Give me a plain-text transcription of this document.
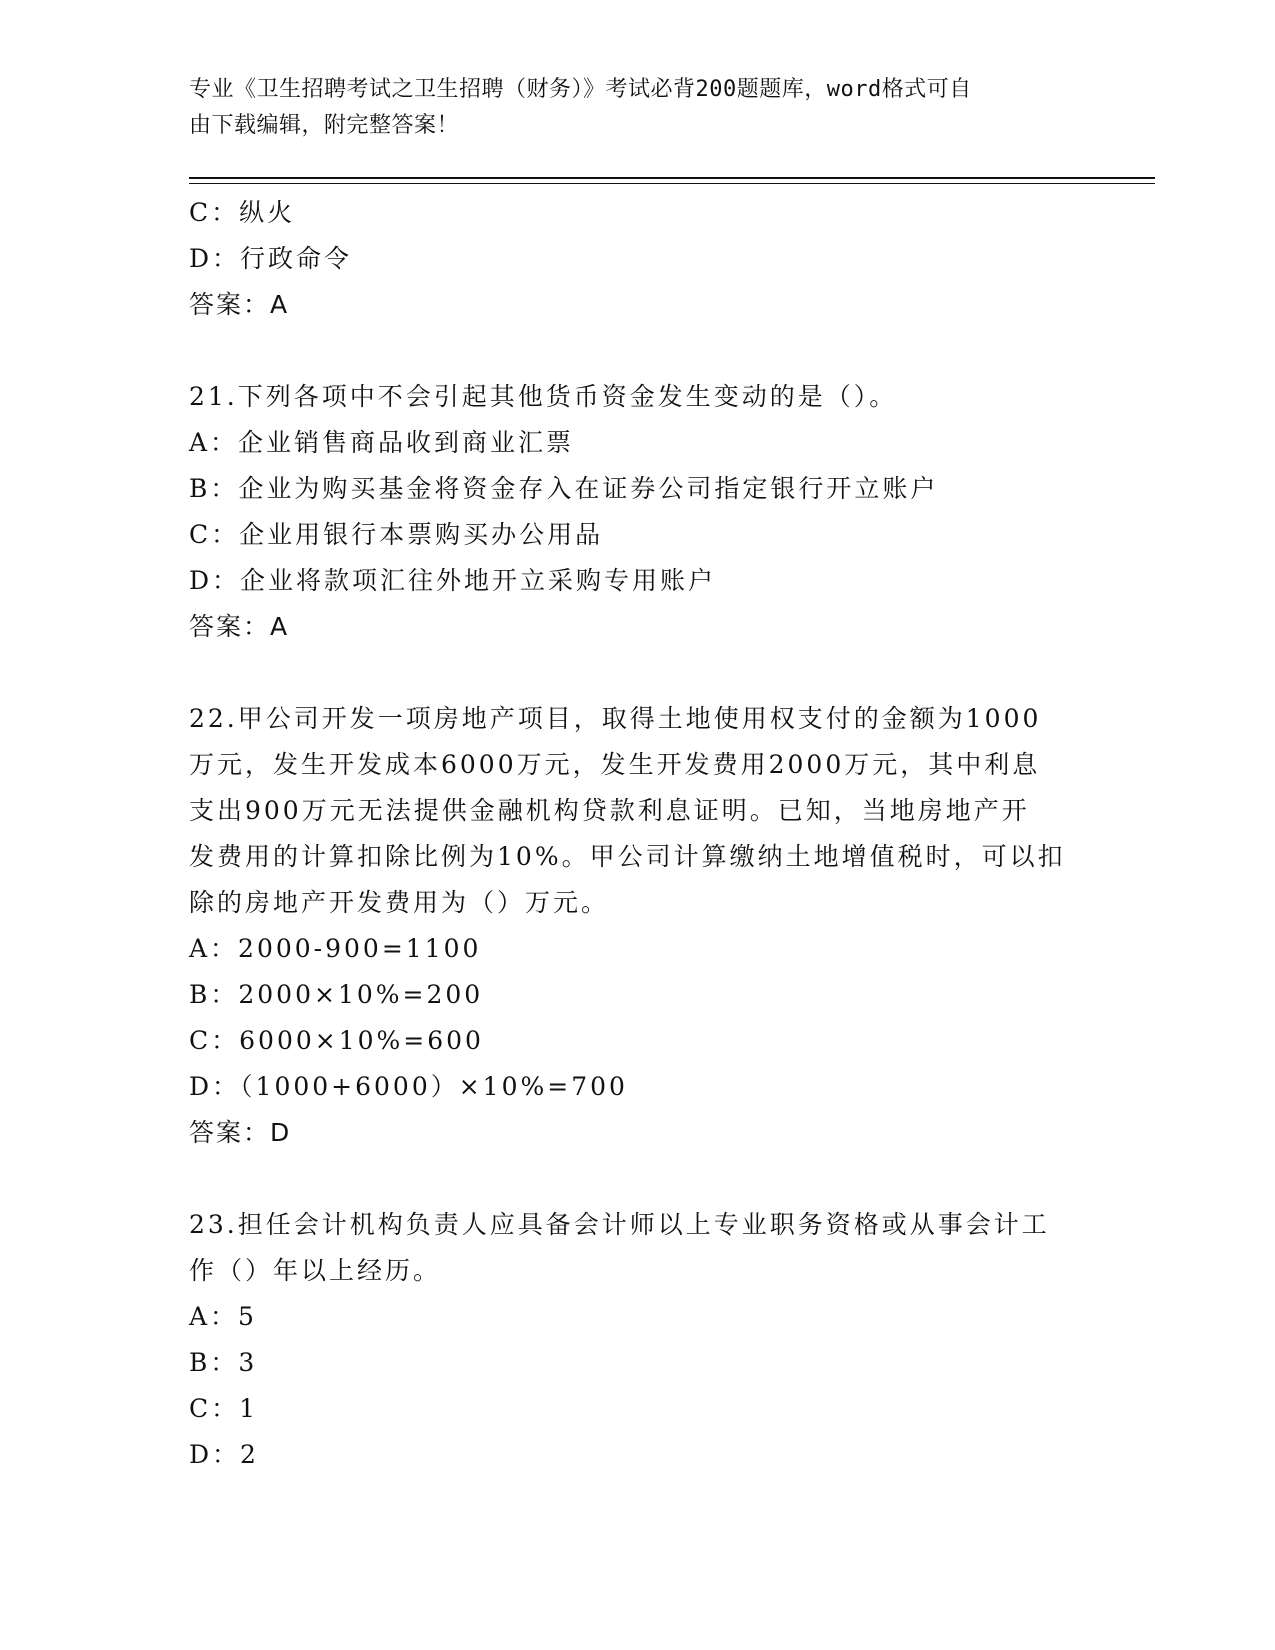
专业《卫生招聘考试之卫生招聘（财务）》考试必背200题题库，word格式可自
由下载编辑，附完整答案！
C：纵火
D：行政命令
答案：A
21.下列各项中不会引起其他货币资金发生变动的是（）。
A：企业销售商品收到商业汇票
B：企业为购买基金将资金存入在证券公司指定银行开立账户
C：企业用银行本票购买办公用品
D：企业将款项汇往外地开立采购专用账户
答案：A
22.甲公司开发一项房地产项目，取得土地使用权支付的金额为1000
万元，发生开发成本6000万元，发生开发费用2000万元，其中利息
支出900万元无法提供金融机构贷款利息证明。已知，当地房地产开
发费用的计算扣除比例为10%。甲公司计算缴纳土地增值税时，可以扣
除的房地产开发费用为（）万元。
A：2000-900=1100
B：2000×10%=200
C：6000×10%=600
D：（1000+6000）×10%=700
答案：D
23.担任会计机构负责人应具备会计师以上专业职务资格或从事会计工
作（）年以上经历。
A：5
B：3
C：1
D：2
